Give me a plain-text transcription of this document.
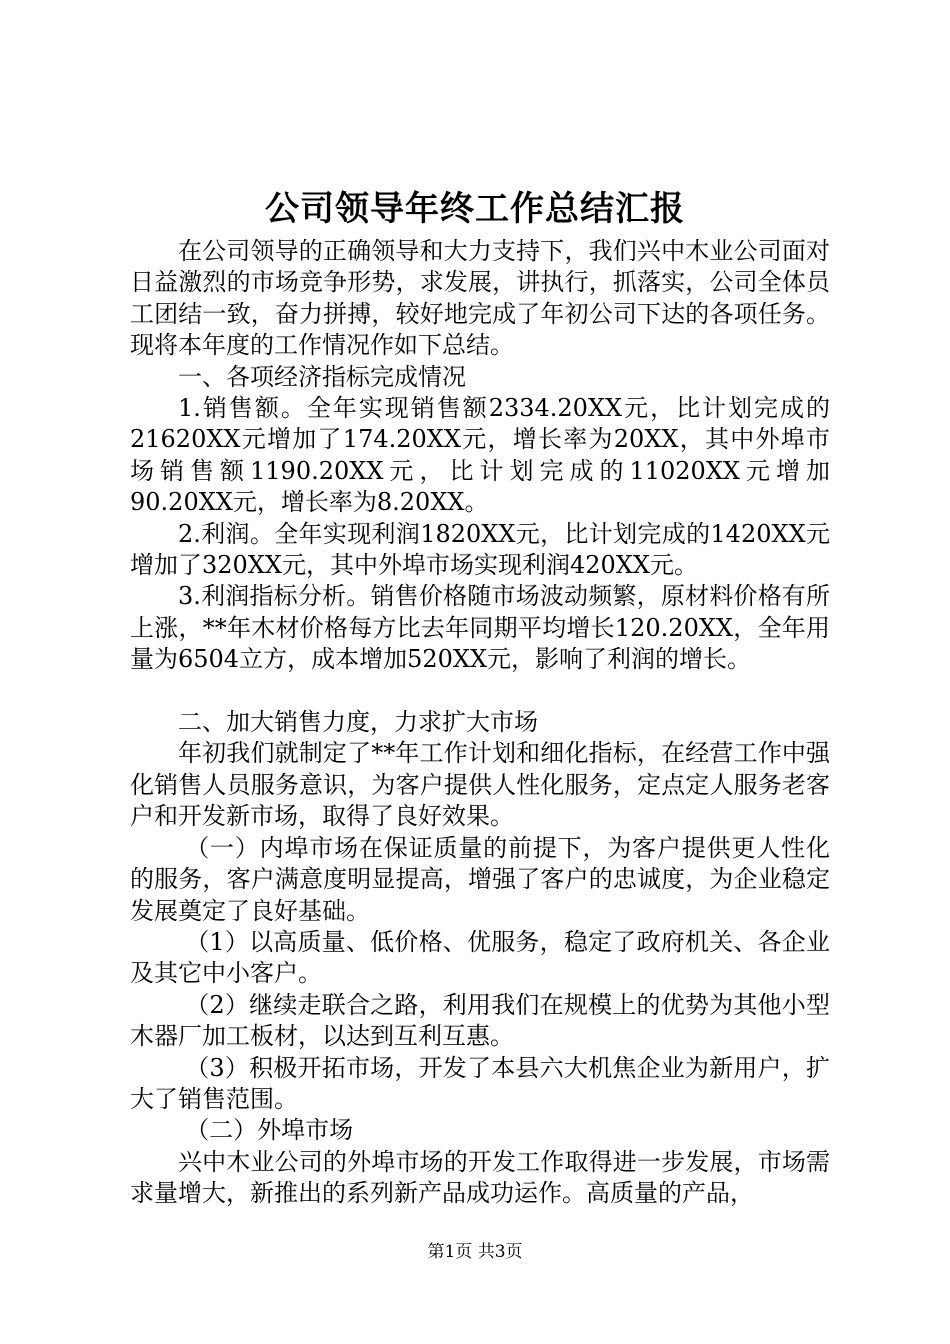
公司领导年终工作总结汇报

在公司领导的正确领导和大力支持下，我们兴中木业公司面对日益激烈的市场竞争形势，求发展，讲执行，抓落实，公司全体员工团结一致，奋力拼搏，较好地完成了年初公司下达的各项任务。现将本年度的工作情况作如下总结。

一、各项经济指标完成情况

1.销售额。全年实现销售额2334.20XX元，比计划完成的21620XX元增加了174.20XX元，增长率为20XX，其中外埠市场销售额1190.20XX元，比计划完成的11020XX元增加90.20XX元，增长率为8.20XX。

2.利润。全年实现利润1820XX元，比计划完成的1420XX元增加了320XX元，其中外埠市场实现利润420XX元。

3.利润指标分析。销售价格随市场波动频繁，原材料价格有所上涨，**年木材价格每方比去年同期平均增长120.20XX，全年用量为6504立方，成本增加520XX元，影响了利润的增长。

二、加大销售力度，力求扩大市场

年初我们就制定了**年工作计划和细化指标，在经营工作中强化销售人员服务意识，为客户提供人性化服务，定点定人服务老客户和开发新市场，取得了良好效果。

（一）内埠市场在保证质量的前提下，为客户提供更人性化的服务，客户满意度明显提高，增强了客户的忠诚度，为企业稳定发展奠定了良好基础。

（1）以高质量、低价格、优服务，稳定了政府机关、各企业及其它中小客户。

（2）继续走联合之路，利用我们在规模上的优势为其他小型木器厂加工板材，以达到互利互惠。

（3）积极开拓市场，开发了本县六大机焦企业为新用户，扩大了销售范围。

（二）外埠市场

兴中木业公司的外埠市场的开发工作取得进一步发展，市场需求量增大，新推出的系列新产品成功运作。高质量的产品，

第1页 共3页
